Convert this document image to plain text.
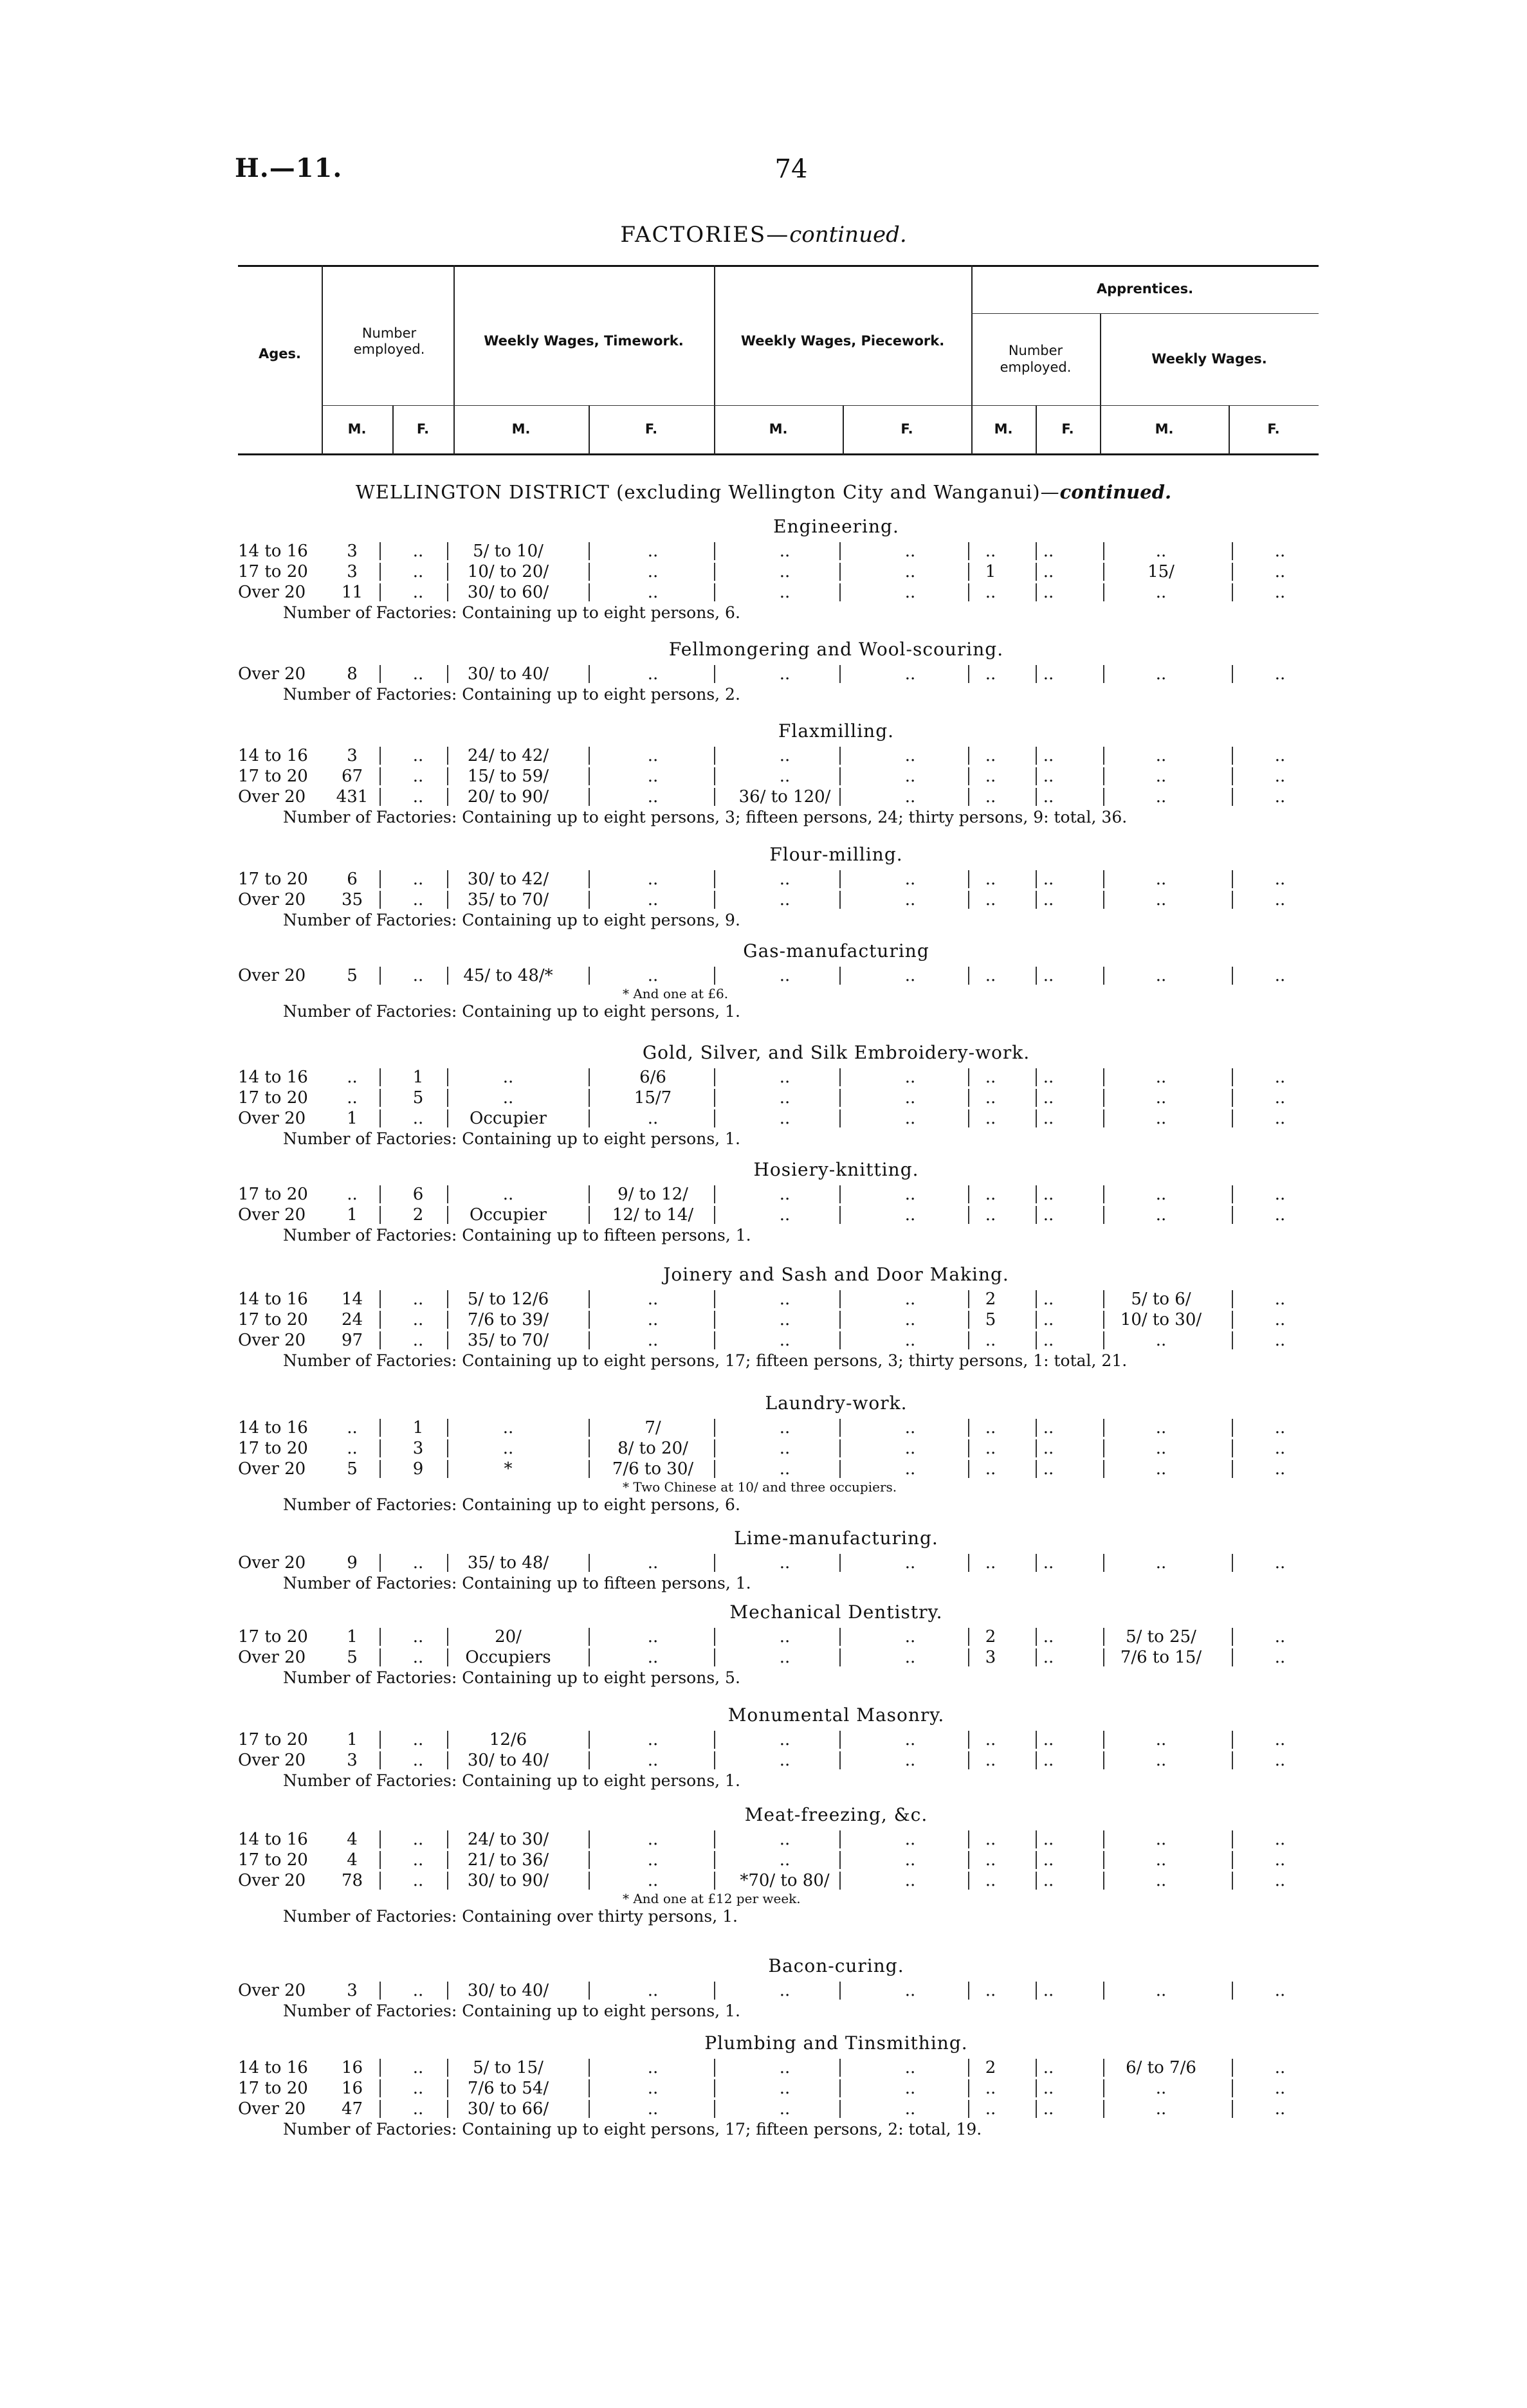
H.—11.	74
FACTORIES—continued.
Ages.
Number employed.
Weekly Wages, Timework.	Weekly Wages, Piecework.
Apprentices.
Number employed.
Weekly Wages.
M.	F.	M.	F.	M.	F.	M.	F.	M.	F.
WELLINGTON DISTRICT (excluding Wellington City and Wanganui)—continued.
Engineering.
14 to 16	3	..	5/ to 10/	..	..	..	..	..	..	..
17 to 20	3	..	10/ to 20/	..	..	..	1	..	15/	..
Over 20	11	..	30/ to 60/	..	..	..	..	..	..	..
Number of Factories: Containing up to eight persons, 6.
Fellmongering and Wool-scouring.
Over 20	8	..	30/ to 40/	..	..	..	..	..	..	..
Number of Factories: Containing up to eight persons, 2.
Flaxmilling.
14 to 16	3	..	24/ to 42/	..	..	..	..	..	..	..
17 to 20	67	..	15/ to 59/	..	..	..	..	..	..	..
Over 20	431	..	20/ to 90/	..	36/ to 120/	..	..	..	..	..
Number of Factories: Containing up to eight persons, 3; fifteen persons, 24; thirty persons, 9: total, 36.
Flour-milling.
17 to 20	6	..	30/ to 42/	..	..	..	..	..	..	..
Over 20	35	..	35/ to 70/	..	..	..	..	..	..	..
Number of Factories: Containing up to eight persons, 9.
Gas-manufacturing
Over 20	5	..	45/ to 48/*	..	..	..	..	..	..	..
* And one at £6.
Number of Factories: Containing up to eight persons, 1.
Gold, Silver, and Silk Embroidery-work.
14 to 16	..	1	..	6/6	..	..	..	..	..	..
17 to 20	..	5	..	15/7	..	..	..	..	..	..
Over 20	1	..	Occupier	..	..	..	..	..	..	..
Number of Factories: Containing up to eight persons, 1.
Hosiery-knitting.
17 to 20	..	6	..	9/ to 12/	..	..	..	..	..	..
Over 20	1	2	Occupier	12/ to 14/	..	..	..	..	..	..
Number of Factories: Containing up to fifteen persons, 1.
Joinery and Sash and Door Making.
14 to 16	14	..	5/ to 12/6	..	..	..	2	..	5/ to 6/	..
17 to 20	24	..	7/6 to 39/	..	..	..	5	..	10/ to 30/	..
Over 20	97	..	35/ to 70/	..	..	..	..	..	..	..
Number of Factories: Containing up to eight persons, 17; fifteen persons, 3; thirty persons, 1: total, 21.
Laundry-work.
14 to 16	..	1	..	7/	..	..	..	..	..	..
17 to 20	..	3	..	8/ to 20/	..	..	..	..	..	..
Over 20	5	9	*	7/6 to 30/	..	..	..	..	..	..
* Two Chinese at 10/ and three occupiers.
Number of Factories: Containing up to eight persons, 6.
Lime-manufacturing.
Over 20	9	..	35/ to 48/	..	..	..	..	..	..	..
Number of Factories: Containing up to fifteen persons, 1.
Mechanical Dentistry.
17 to 20	1	..	20/	..	..	..	2	..	5/ to 25/	..
Over 20	5	..	Occupiers	..	..	..	3	..	7/6 to 15/	..
Number of Factories: Containing up to eight persons, 5.
Monumental Masonry.
17 to 20	1	..	12/6	..	..	..	..	..	..	..
Over 20	3	..	30/ to 40/	..	..	..	..	..	..	..
Number of Factories: Containing up to eight persons, 1.
Meat-freezing, &c.
14 to 16	4	..	24/ to 30/	..	..	..	..	..	..	..
17 to 20	4	..	21/ to 36/	..	..	..	..	..	..	..
Over 20	78	..	30/ to 90/	..	*70/ to 80/	..	..	..	..	..
* And one at £12 per week.
Number of Factories: Containing over thirty persons, 1.
Bacon-curing.
Over 20	3	..	30/ to 40/	..	..	..	..	..	..	..
Number of Factories: Containing up to eight persons, 1.
Plumbing and Tinsmithing.
14 to 16	16	..	5/ to 15/	..	..	..	2	..	6/ to 7/6	..
17 to 20	16	..	7/6 to 54/	..	..	..	..	..	..	..
Over 20	47	..	30/ to 66/	..	..	..	..	..	..	..
Number of Factories: Containing up to eight persons, 17; fifteen persons, 2: total, 19.
